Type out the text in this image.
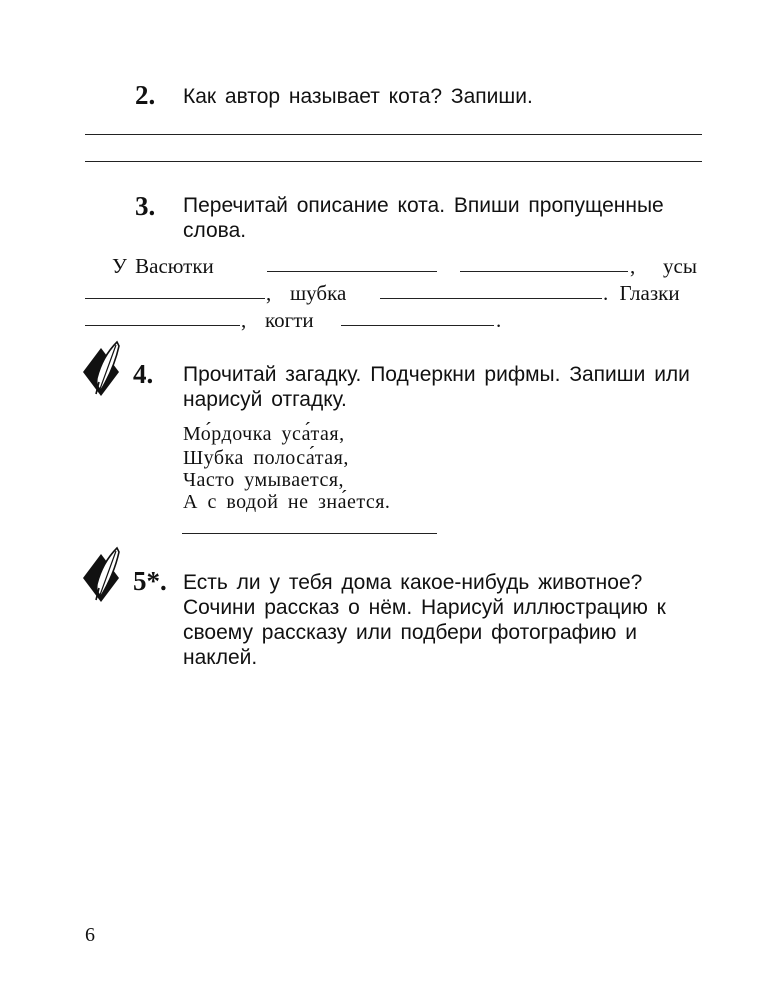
2. Как автор называет кота? Запиши.
3. Перечитай описание кота. Впиши пропущенные слова.
У Васютки	, усы
, шубка	. Глазки
, когти	.
4. Прочитай загадку. Подчеркни рифмы. Запиши или нарисуй отгадку.
Мо́рдочка уса́тая,
Шубка полоса́тая,
Часто умывается,
А с водой не зна́ется.
5*. Есть ли у тебя дома какое-нибудь животное? Сочини рассказ о нём. Нарисуй иллюстрацию к своему рассказу или подбери фотографию и наклей.
6
